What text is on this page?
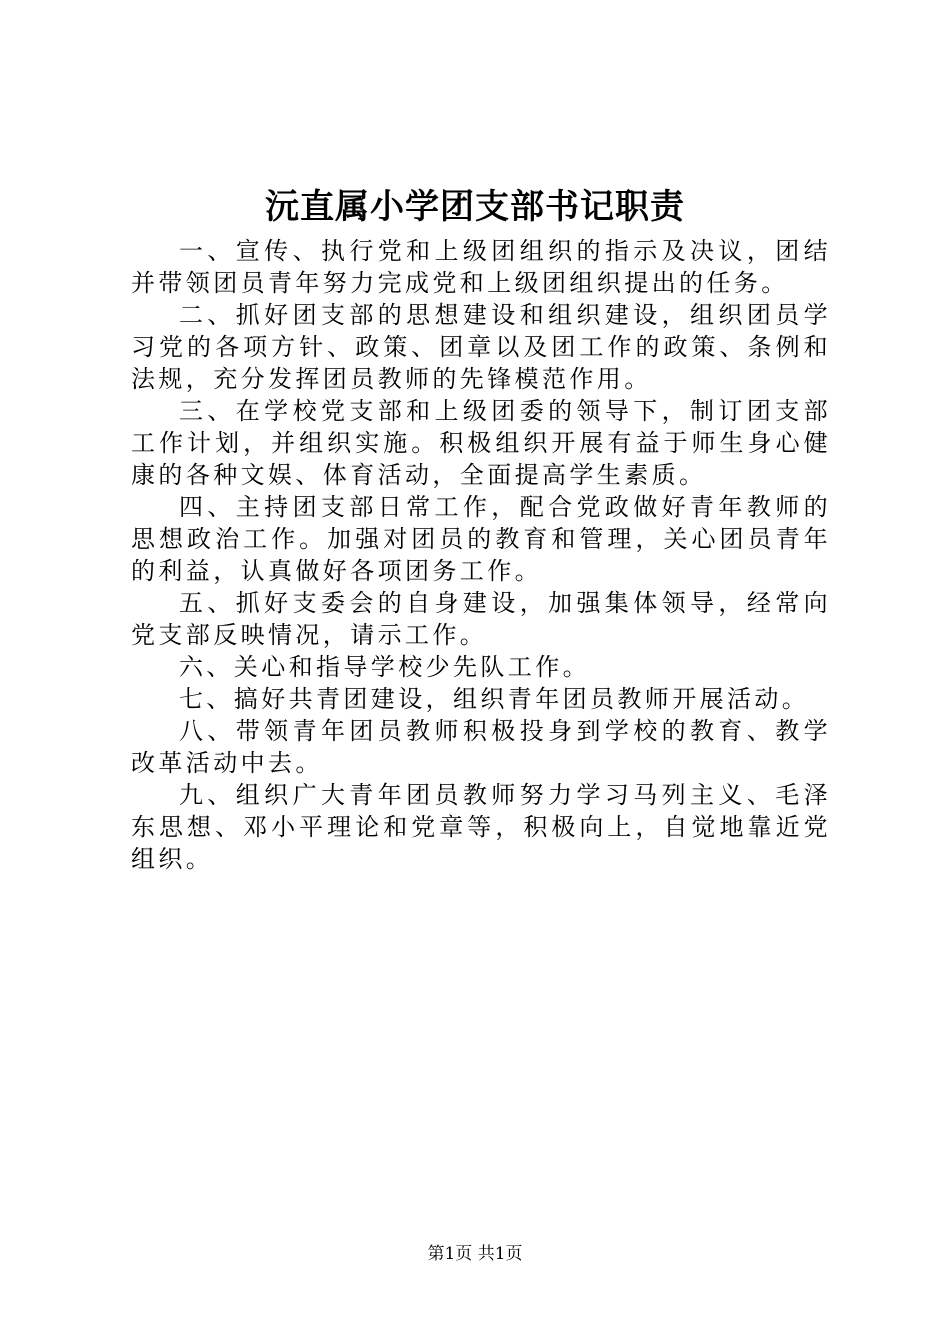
沅直属小学团支部书记职责

一、宣传、执行党和上级团组织的指示及决议，团结并带领团员青年努力完成党和上级团组织提出的任务。

二、抓好团支部的思想建设和组织建设，组织团员学习党的各项方针、政策、团章以及团工作的政策、条例和法规，充分发挥团员教师的先锋模范作用。

三、在学校党支部和上级团委的领导下，制订团支部工作计划，并组织实施。积极组织开展有益于师生身心健康的各种文娱、体育活动，全面提高学生素质。

四、主持团支部日常工作，配合党政做好青年教师的思想政治工作。加强对团员的教育和管理，关心团员青年的利益，认真做好各项团务工作。

五、抓好支委会的自身建设，加强集体领导，经常向党支部反映情况，请示工作。

六、关心和指导学校少先队工作。

七、搞好共青团建设，组织青年团员教师开展活动。

八、带领青年团员教师积极投身到学校的教育、教学改革活动中去。

九、组织广大青年团员教师努力学习马列主义、毛泽东思想、邓小平理论和党章等，积极向上，自觉地靠近党组织。

第1页 共1页
